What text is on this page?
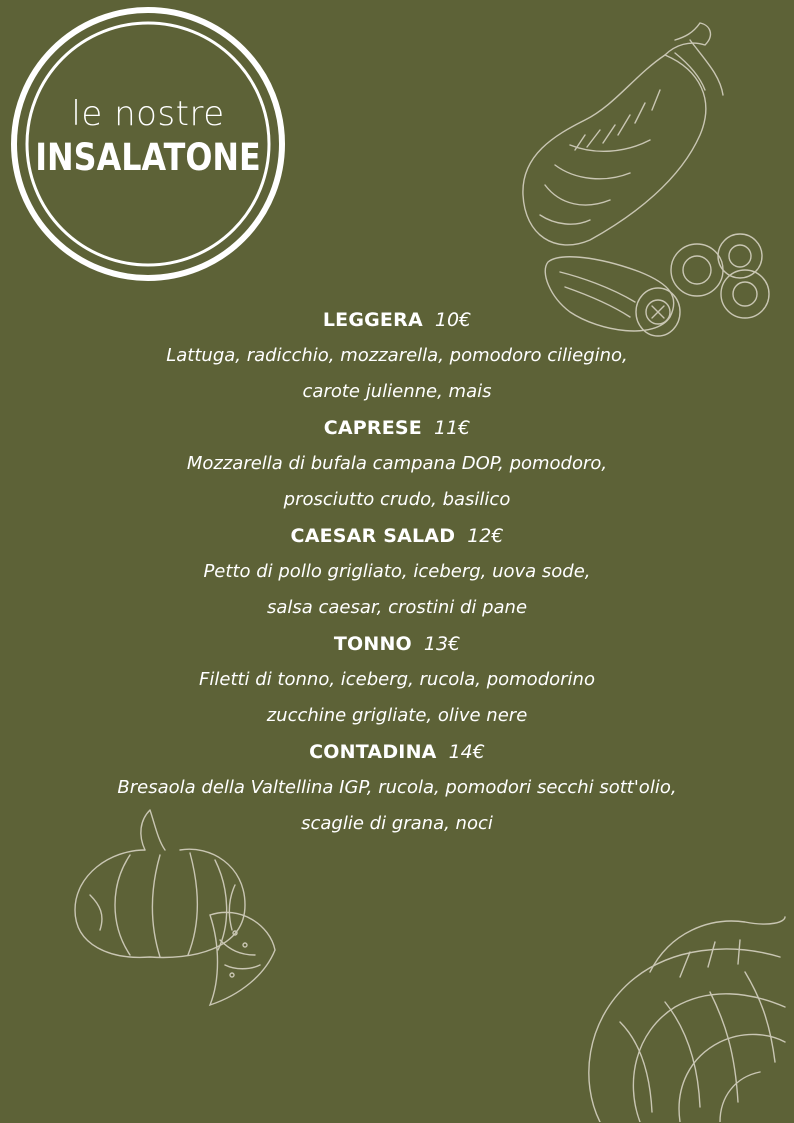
le nostre
INSALATONE
LEGGERA 10€
Lattuga, radicchio, mozzarella, pomodoro ciliegino,
carote julienne, mais
CAPRESE 11€
Mozzarella di bufala campana DOP, pomodoro,
prosciutto crudo, basilico
CAESAR SALAD 12€
Petto di pollo grigliato, iceberg, uova sode,
salsa caesar, crostini di pane
TONNO 13€
Filetti di tonno, iceberg, rucola, pomodorino
zucchine grigliate, olive nere
CONTADINA 14€
Bresaola della Valtellina IGP, rucola, pomodori secchi sott'olio,
scaglie di grana, noci
